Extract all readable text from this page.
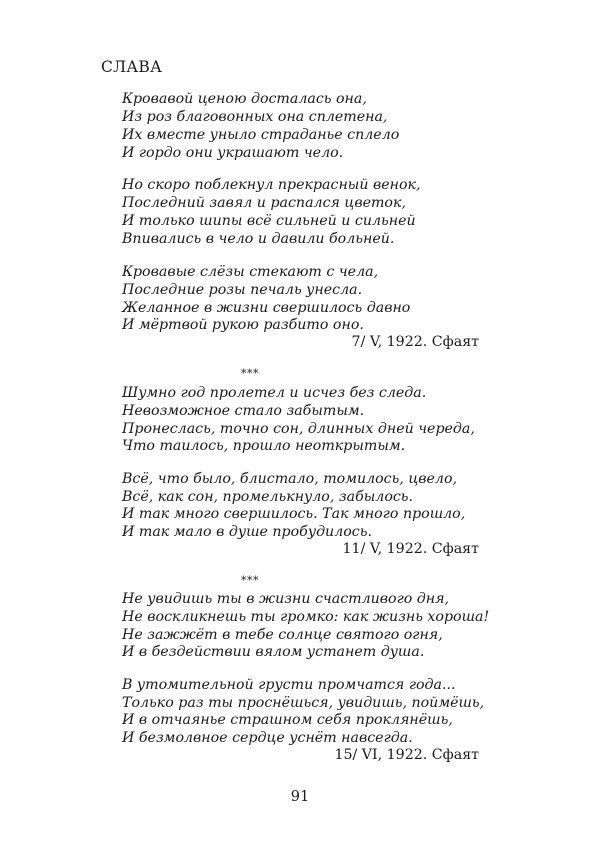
СЛАВА
Кровавой ценою досталась она,
Из роз благовонных она сплетена,
Их вместе уныло страданье сплело
И гордо они украшают чело.
Но скоро поблекнул прекрасный венок,
Последний завял и распался цветок,
И только шипы всё сильней и сильней
Впивались в чело и давили больней.
Кровавые слёзы стекают с чела,
Последние розы печаль унесла.
Желанное в жизни свершилось давно
И мёртвой рукою разбито оно.
7/ V, 1922. Сфаят
***
Шумно год пролетел и исчез без следа.
Невозможное стало забытым.
Пронеслась, точно сон, длинных дней череда,
Что таилось, прошло неоткрытым.
Всё, что было, блистало, томилось, цвело,
Всё, как сон, промелькнуло, забылось.
И так много свершилось. Так много прошло,
И так мало в душе пробудилось.
11/ V, 1922. Сфаят
***
Не увидишь ты в жизни счастливого дня,
Не воскликнешь ты громко: как жизнь хороша!
Не зажжёт в тебе солнце святого огня,
И в бездействии вялом устанет душа.
В утомительной грусти промчатся года...
Только раз ты проснёшься, увидишь, поймёшь,
И в отчаянье страшном себя проклянёшь,
И безмолвное сердце уснёт навсегда.
15/ VI, 1922. Сфаят
91
